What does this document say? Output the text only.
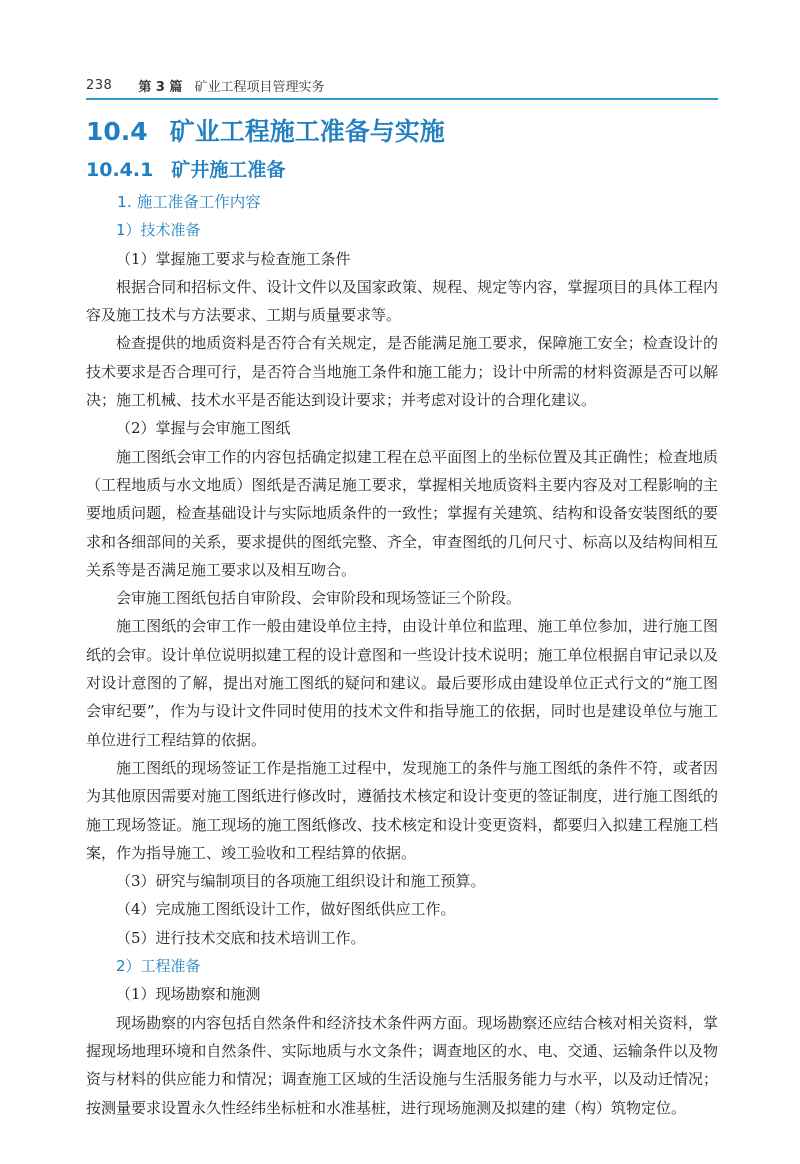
238 第 3 篇 矿业工程项目管理实务
10.4 矿业工程施工准备与实施
10.4.1 矿井施工准备
1. 施工准备工作内容
1）技术准备

（1）掌握施工要求与检查施工条件

根据合同和招标文件、设计文件以及国家政策、规程、规定等内容，掌握项目的具体工程内容及施工技术与方法要求、工期与质量要求等。

检查提供的地质资料是否符合有关规定，是否能满足施工要求，保障施工安全；检查设计的技术要求是否合理可行，是否符合当地施工条件和施工能力；设计中所需的材料资源是否可以解决；施工机械、技术水平是否能达到设计要求；并考虑对设计的合理化建议。

（2）掌握与会审施工图纸

施工图纸会审工作的内容包括确定拟建工程在总平面图上的坐标位置及其正确性；检查地质（工程地质与水文地质）图纸是否满足施工要求，掌握相关地质资料主要内容及对工程影响的主要地质问题，检查基础设计与实际地质条件的一致性；掌握有关建筑、结构和设备安装图纸的要求和各细部间的关系，要求提供的图纸完整、齐全，审查图纸的几何尺寸、标高以及结构间相互关系等是否满足施工要求以及相互吻合。

会审施工图纸包括自审阶段、会审阶段和现场签证三个阶段。

施工图纸的会审工作一般由建设单位主持，由设计单位和监理、施工单位参加，进行施工图纸的会审。设计单位说明拟建工程的设计意图和一些设计技术说明；施工单位根据自审记录以及对设计意图的了解，提出对施工图纸的疑问和建议。最后要形成由建设单位正式行文的“施工图会审纪要”，作为与设计文件同时使用的技术文件和指导施工的依据，同时也是建设单位与施工单位进行工程结算的依据。

施工图纸的现场签证工作是指施工过程中，发现施工的条件与施工图纸的条件不符，或者因为其他原因需要对施工图纸进行修改时，遵循技术核定和设计变更的签证制度，进行施工图纸的施工现场签证。施工现场的施工图纸修改、技术核定和设计变更资料，都要归入拟建工程施工档案，作为指导施工、竣工验收和工程结算的依据。

（3）研究与编制项目的各项施工组织设计和施工预算。

（4）完成施工图纸设计工作，做好图纸供应工作。

（5）进行技术交底和技术培训工作。

2）工程准备

（1）现场勘察和施测

现场勘察的内容包括自然条件和经济技术条件两方面。现场勘察还应结合核对相关资料，掌握现场地理环境和自然条件、实际地质与水文条件；调查地区的水、电、交通、运输条件以及物资与材料的供应能力和情况；调查施工区域的生活设施与生活服务能力与水平，以及动迁情况；按测量要求设置永久性经纬坐标桩和水准基桩，进行现场施测及拟建的建（构）筑物定位。
